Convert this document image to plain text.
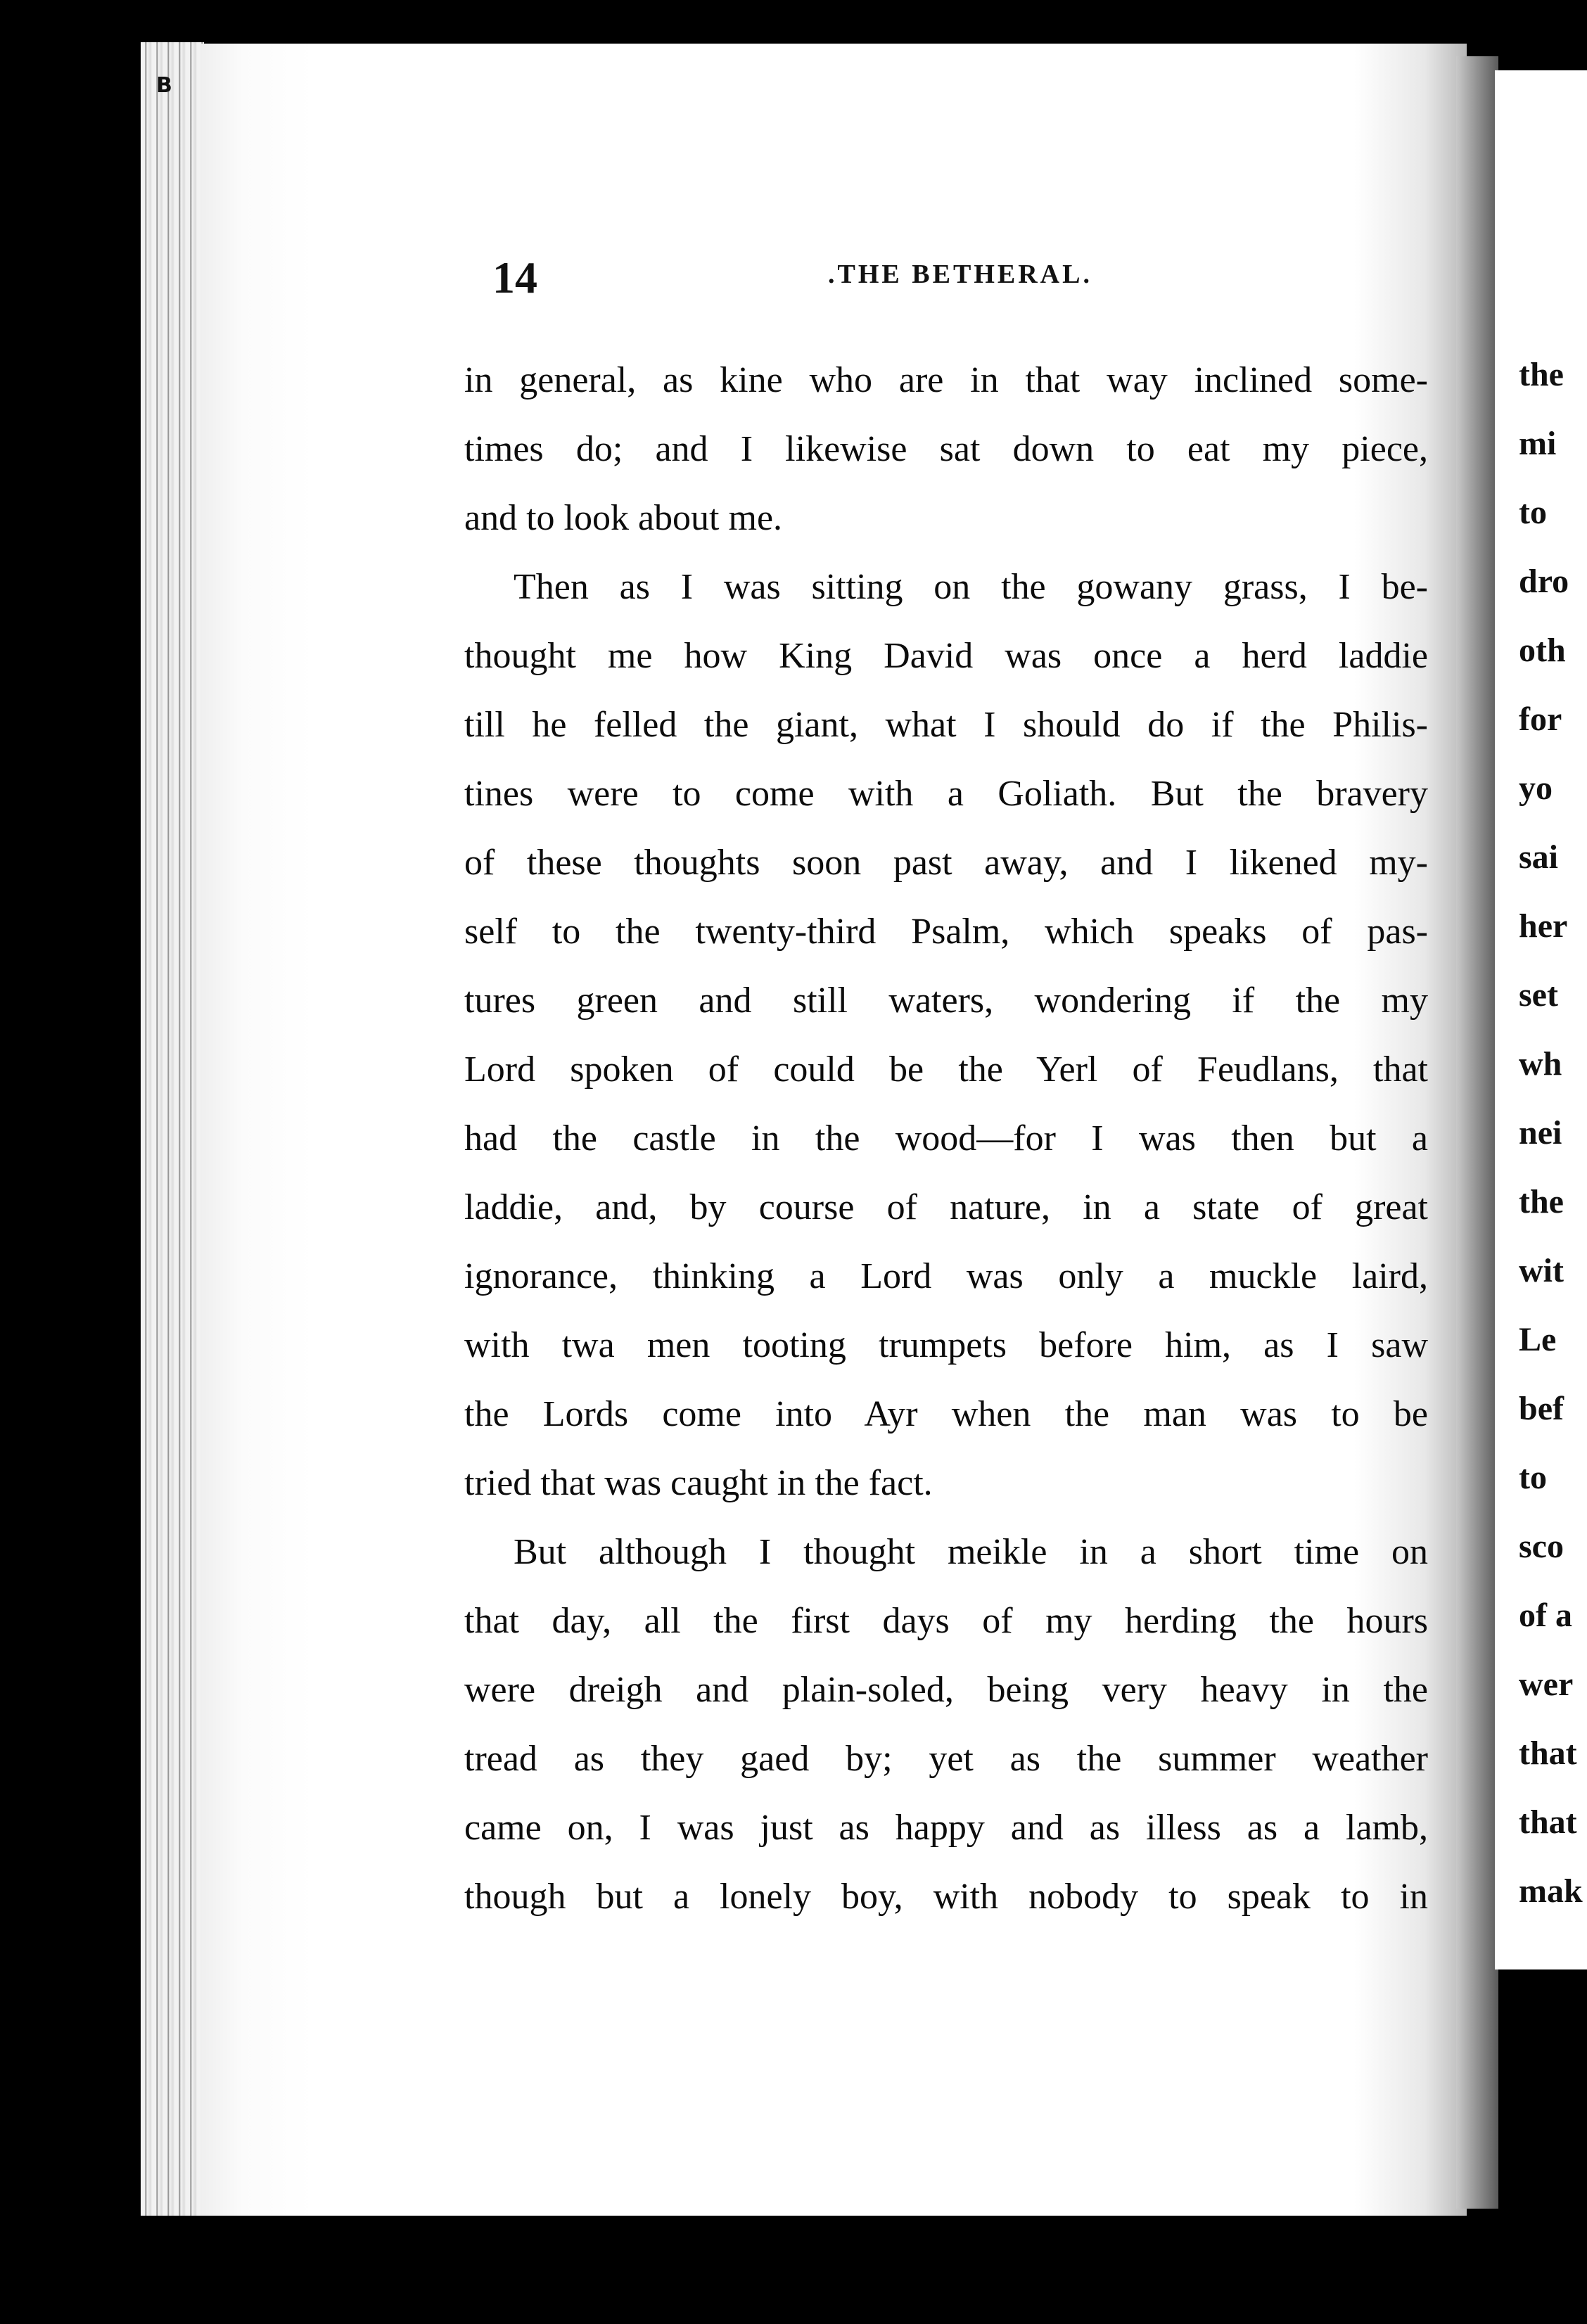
B
the
mi
to
dro
oth
for
yo
sai
her
set
wh
nei
the
wit
Le
bef
to
sco
of a
wer
that
that
mak
14	.THE BETHERAL.
in general, as kine who are in that way inclined some-
times do; and I likewise sat down to eat my piece,
and to look about me.
Then as I was sitting on the gowany grass, I be-
thought me how King David was once a herd laddie
till he felled the giant, what I should do if the Philis-
tines were to come with a Goliath. But the bravery
of these thoughts soon past away, and I likened my-
self to the twenty-third Psalm, which speaks of pas-
tures green and still waters, wondering if the my
Lord spoken of could be the Yerl of Feudlans, that
had the castle in the wood—for I was then but a
laddie, and, by course of nature, in a state of great
ignorance, thinking a Lord was only a muckle laird,
with twa men tooting trumpets before him, as I saw
the Lords come into Ayr when the man was to be
tried that was caught in the fact.
But although I thought meikle in a short time on
that day, all the first days of my herding the hours
were dreigh and plain-soled, being very heavy in the
tread as they gaed by; yet as the summer weather
came on, I was just as happy and as illess as a lamb,
though but a lonely boy, with nobody to speak to in
